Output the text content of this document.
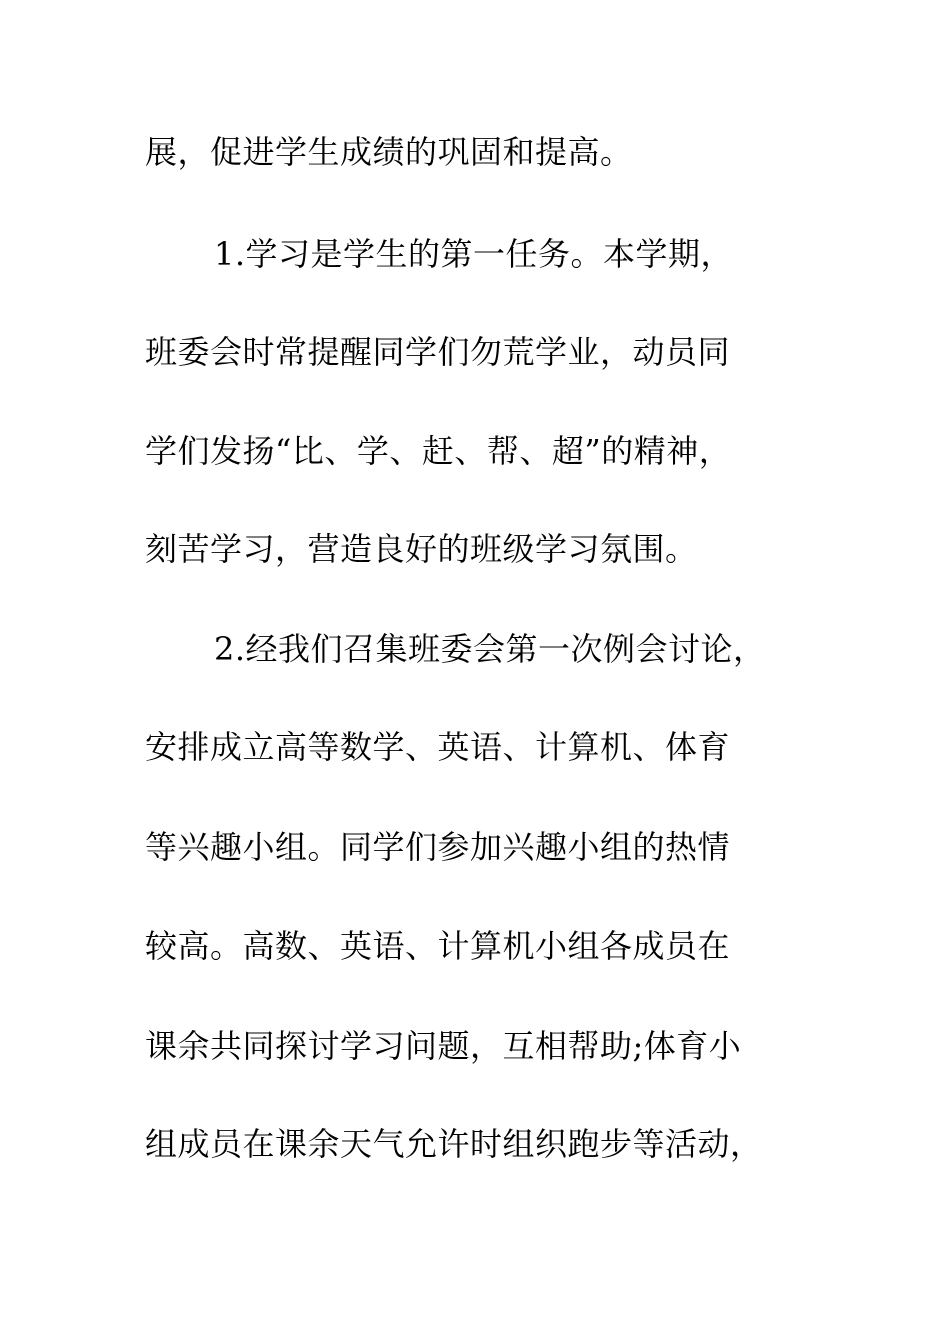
展，促进学生成绩的巩固和提高。
1.学习是学生的第一任务。本学期，
班委会时常提醒同学们勿荒学业，动员同
学们发扬“比、学、赶、帮、超”的精神，
刻苦学习，营造良好的班级学习氛围。
2.经我们召集班委会第一次例会讨论，
安排成立高等数学、英语、计算机、体育
等兴趣小组。同学们参加兴趣小组的热情
较高。高数、英语、计算机小组各成员在
课余共同探讨学习问题，互相帮助;体育小
组成员在课余天气允许时组织跑步等活动，
